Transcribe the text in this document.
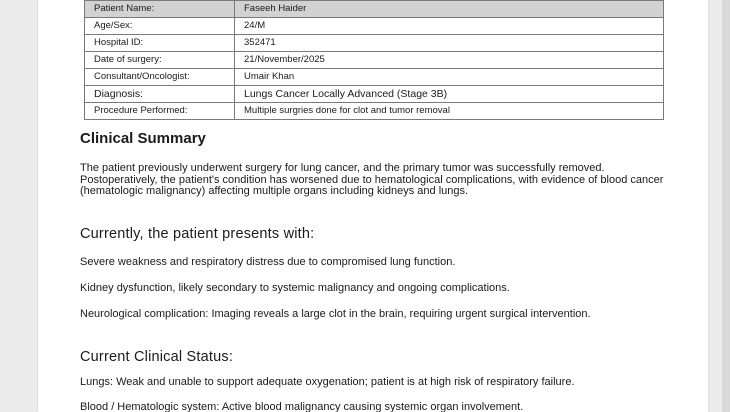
Patient Name:	Faseeh Haider
Age/Sex:	24/M
Hospital ID:	352471
Date of surgery:	21/November/2025
Consultant/Oncologist:	Umair Khan
Diagnosis:	Lungs Cancer Locally Advanced (Stage 3B)
Procedure Performed:	Multiple surgries done for clot and tumor removal
Clinical Summary

The patient previously underwent surgery for lung cancer, and the primary tumor was successfully removed. Postoperatively, the patient's condition has worsened due to hematological complications, with evidence of blood cancer (hematologic malignancy) affecting multiple organs including kidneys and lungs.

Currently, the patient presents with:

Severe weakness and respiratory distress due to compromised lung function.

Kidney dysfunction, likely secondary to systemic malignancy and ongoing complications.

Neurological complication: Imaging reveals a large clot in the brain, requiring urgent surgical intervention.

Current Clinical Status:

Lungs: Weak and unable to support adequate oxygenation; patient is at high risk of respiratory failure.

Blood / Hematologic system: Active blood malignancy causing systemic organ involvement.
